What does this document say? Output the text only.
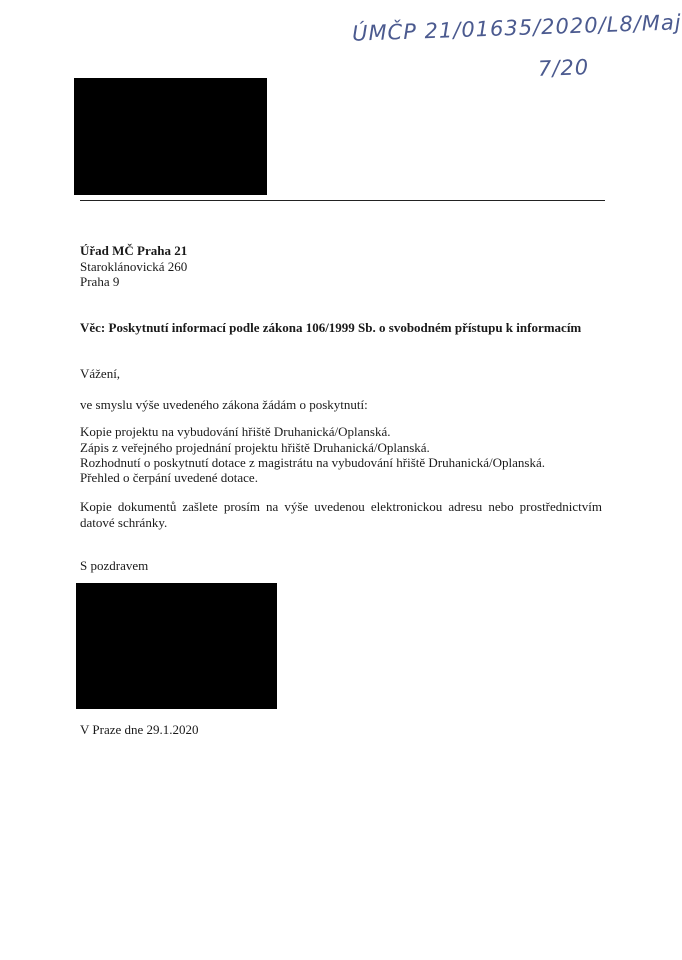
ÚMČP 21/01635/2020/L8/Maj
7/20
Úřad MČ Praha 21
Staroklánovická 260
Praha 9
Věc: Poskytnutí informací podle zákona 106/1999 Sb. o svobodném přístupu k informacím
Vážení,
ve smyslu výše uvedeného zákona žádám o poskytnutí:
Kopie projektu na vybudování hřiště Druhanická/Oplanská.
Zápis z veřejného projednání projektu hřiště Druhanická/Oplanská.
Rozhodnutí o poskytnutí dotace z magistrátu na vybudování hřiště Druhanická/Oplanská.
Přehled o čerpání uvedené dotace.
Kopie dokumentů zašlete prosím na výše uvedenou elektronickou adresu nebo prostřednictvím datové schránky.
S pozdravem
V Praze dne 29.1.2020
